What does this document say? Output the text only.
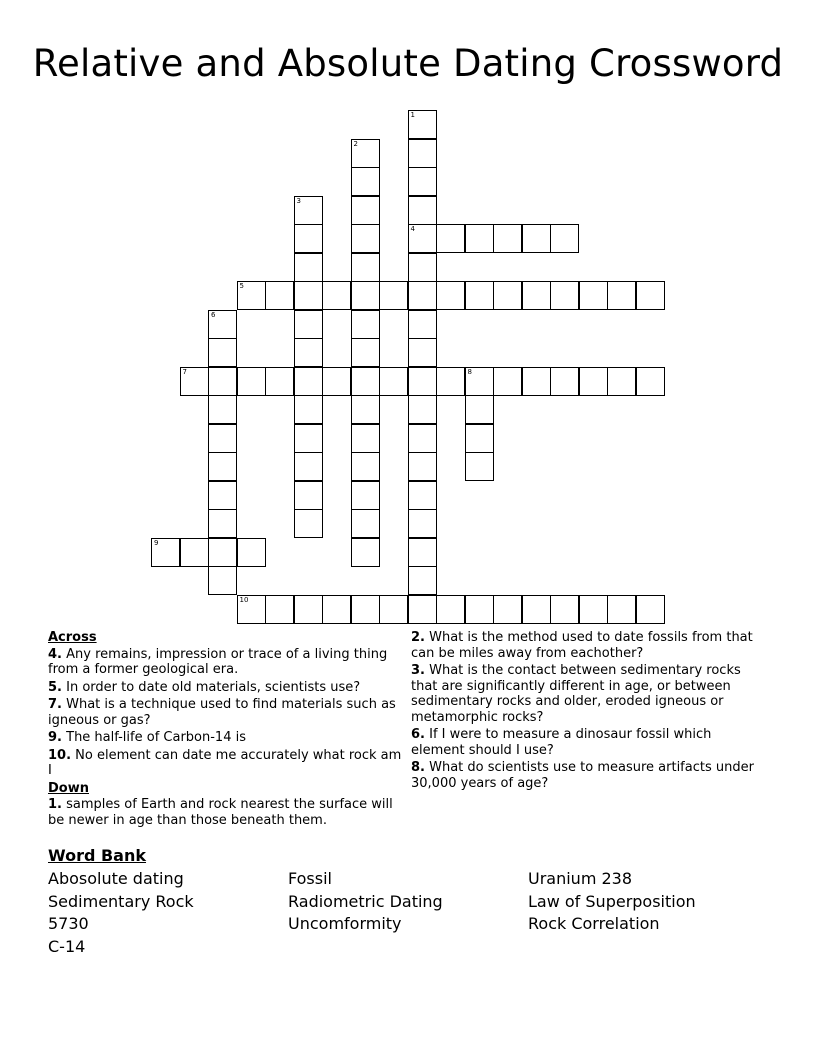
Relative and Absolute Dating Crossword
1
4
2
3
5
6
7	8
9
10
Across
4. Any remains, impression or trace of a living thing from a former geological era.
5. In order to date old materials, scientists use?
7. What is a technique used to find materials such as igneous or gas?
9. The half-life of Carbon-14 is
10. No element can date me accurately what rock am I
Down
1. samples of Earth and rock nearest the surface will be newer in age than those beneath them.
2. What is the method used to date fossils from that can be miles away from eachother?
3. What is the contact between sedimentary rocks that are significantly different in age, or between sedimentary rocks and older, eroded igneous or metamorphic rocks?
6. If I were to measure a dinosaur fossil which element should I use?
8. What do scientists use to measure artifacts under 30,000 years of age?
Word Bank
Abosolute dating
Sedimentary Rock
5730
C-14
Fossil
Radiometric Dating
Uncomformity
Uranium 238
Law of Superposition
Rock Correlation
